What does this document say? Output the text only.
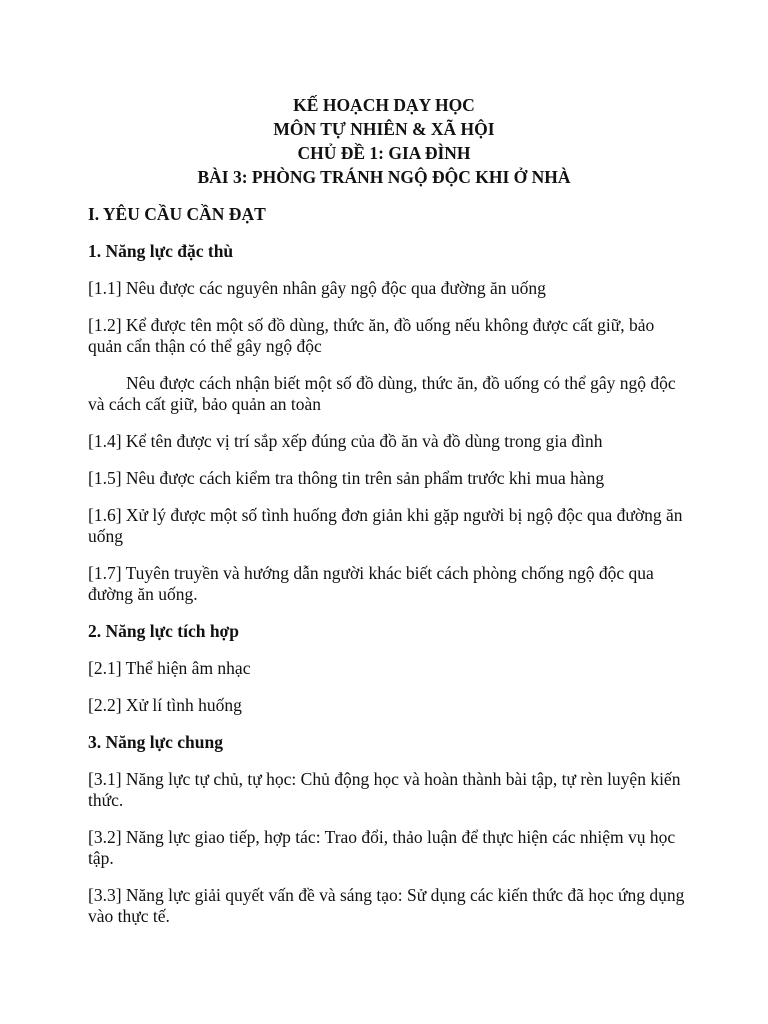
KẾ HOẠCH DẠY HỌC

MÔN TỰ NHIÊN & XÃ HỘI

CHỦ ĐỀ 1: GIA ĐÌNH

BÀI 3: PHÒNG TRÁNH NGỘ ĐỘC KHI Ở NHÀ

I. YÊU CẦU CẦN ĐẠT

1. Năng lực đặc thù

[1.1] Nêu được các nguyên nhân gây ngộ độc qua đường ăn uống

[1.2] Kể được tên một số đồ dùng, thức ăn, đồ uống nếu không được cất giữ, bảo quản cẩn thận có thể gây ngộ độc

Nêu được cách nhận biết một số đồ dùng, thức ăn, đồ uống có thể gây ngộ độc và cách cất giữ, bảo quản an toàn

[1.4] Kể tên được vị trí sắp xếp đúng của đồ ăn và đồ dùng trong gia đình

[1.5] Nêu được cách kiểm tra thông tin trên sản phẩm trước khi mua hàng

[1.6] Xử lý được một số tình huống đơn giản khi gặp người bị ngộ độc qua đường ăn uống

[1.7] Tuyên truyền và hướng dẫn người khác biết cách phòng chống ngộ độc qua đường ăn uống.

2. Năng lực tích hợp

[2.1] Thể hiện âm nhạc

[2.2] Xử lí tình huống

3. Năng lực chung

[3.1] Năng lực tự chủ, tự học: Chủ động học và hoàn thành bài tập, tự rèn luyện kiến thức.

[3.2] Năng lực giao tiếp, hợp tác: Trao đổi, thảo luận để thực hiện các nhiệm vụ học tập.

[3.3] Năng lực giải quyết vấn đề và sáng tạo: Sử dụng các kiến thức đã học ứng dụng vào thực tế.
